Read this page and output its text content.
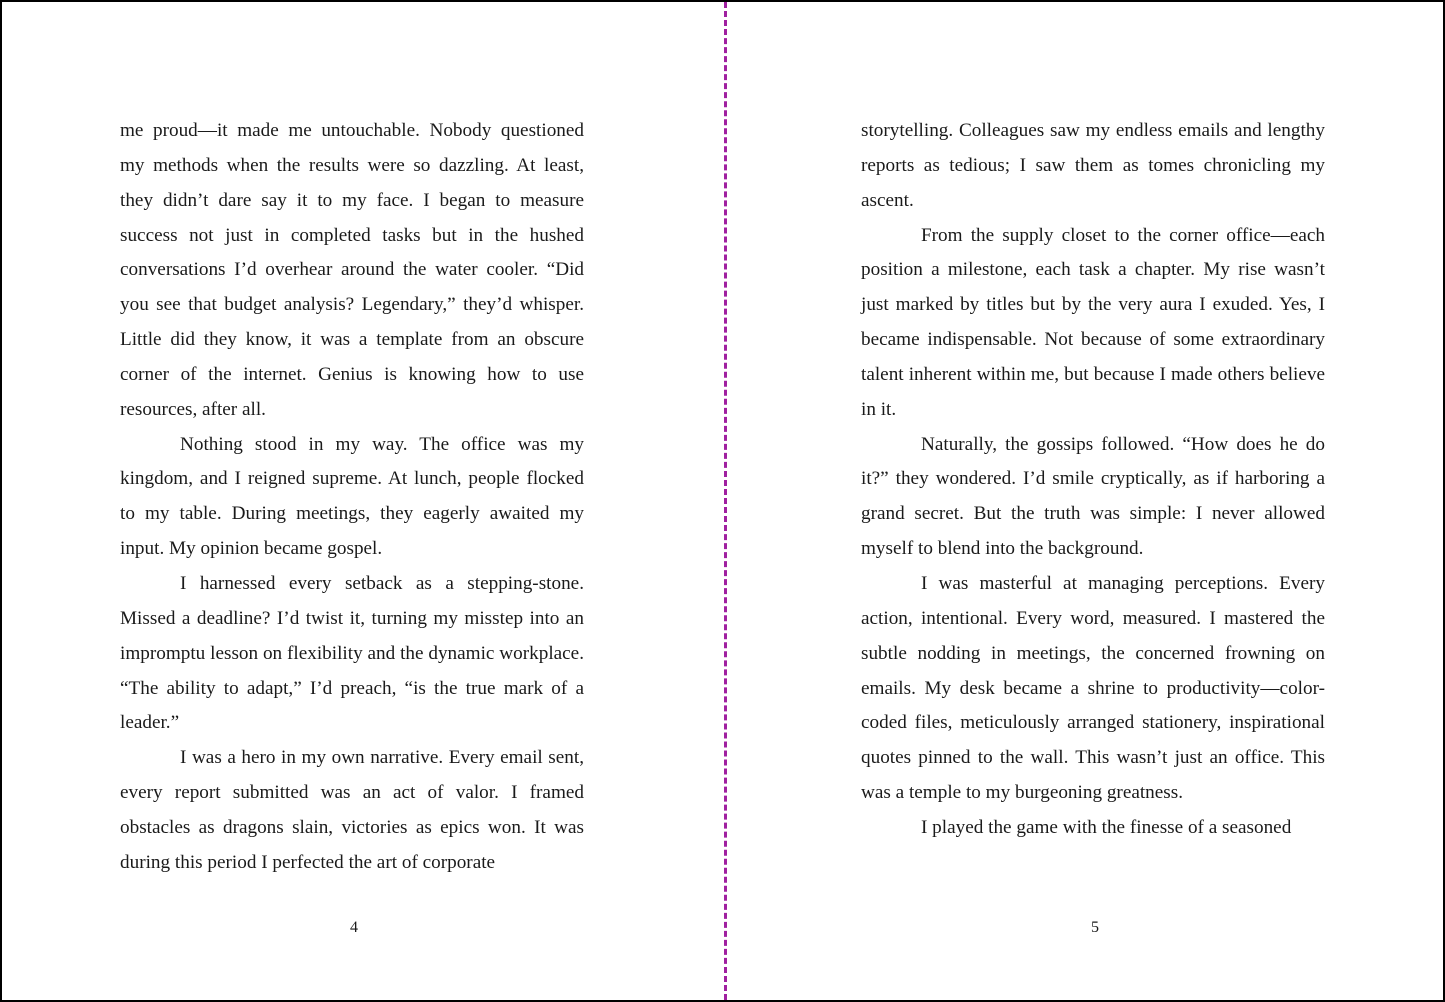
me proud—it made me untouchable. Nobody questioned my methods when the results were so dazzling. At least, they didn’t dare say it to my face. I began to measure success not just in completed tasks but in the hushed conversations I’d overhear around the water cooler. “Did you see that budget analysis? Legendary,” they’d whisper. Little did they know, it was a template from an obscure corner of the internet. Genius is knowing how to use resources, after all.

Nothing stood in my way. The office was my kingdom, and I reigned supreme. At lunch, people flocked to my table. During meetings, they eagerly awaited my input. My opinion became gospel.

I harnessed every setback as a stepping-stone. Missed a deadline? I’d twist it, turning my misstep into an impromptu lesson on flexibility and the dynamic workplace. “The ability to adapt,” I’d preach, “is the true mark of a leader.”

I was a hero in my own narrative. Every email sent, every report submitted was an act of valor. I framed obstacles as dragons slain, victories as epics won. It was during this period I perfected the art of corporate

storytelling. Colleagues saw my endless emails and lengthy reports as tedious; I saw them as tomes chronicling my ascent.

From the supply closet to the corner office—each position a milestone, each task a chapter. My rise wasn’t just marked by titles but by the very aura I exuded. Yes, I became indispensable. Not because of some extraordinary talent inherent within me, but because I made others believe in it.

Naturally, the gossips followed. “How does he do it?” they wondered. I’d smile cryptically, as if harboring a grand secret. But the truth was simple: I never allowed myself to blend into the background.

I was masterful at managing perceptions. Every action, intentional. Every word, measured. I mastered the subtle nodding in meetings, the concerned frowning on emails. My desk became a shrine to productivity—color-coded files, meticulously arranged stationery, inspirational quotes pinned to the wall. This wasn’t just an office. This was a temple to my burgeoning greatness.

I played the game with the finesse of a seasoned

4	5
